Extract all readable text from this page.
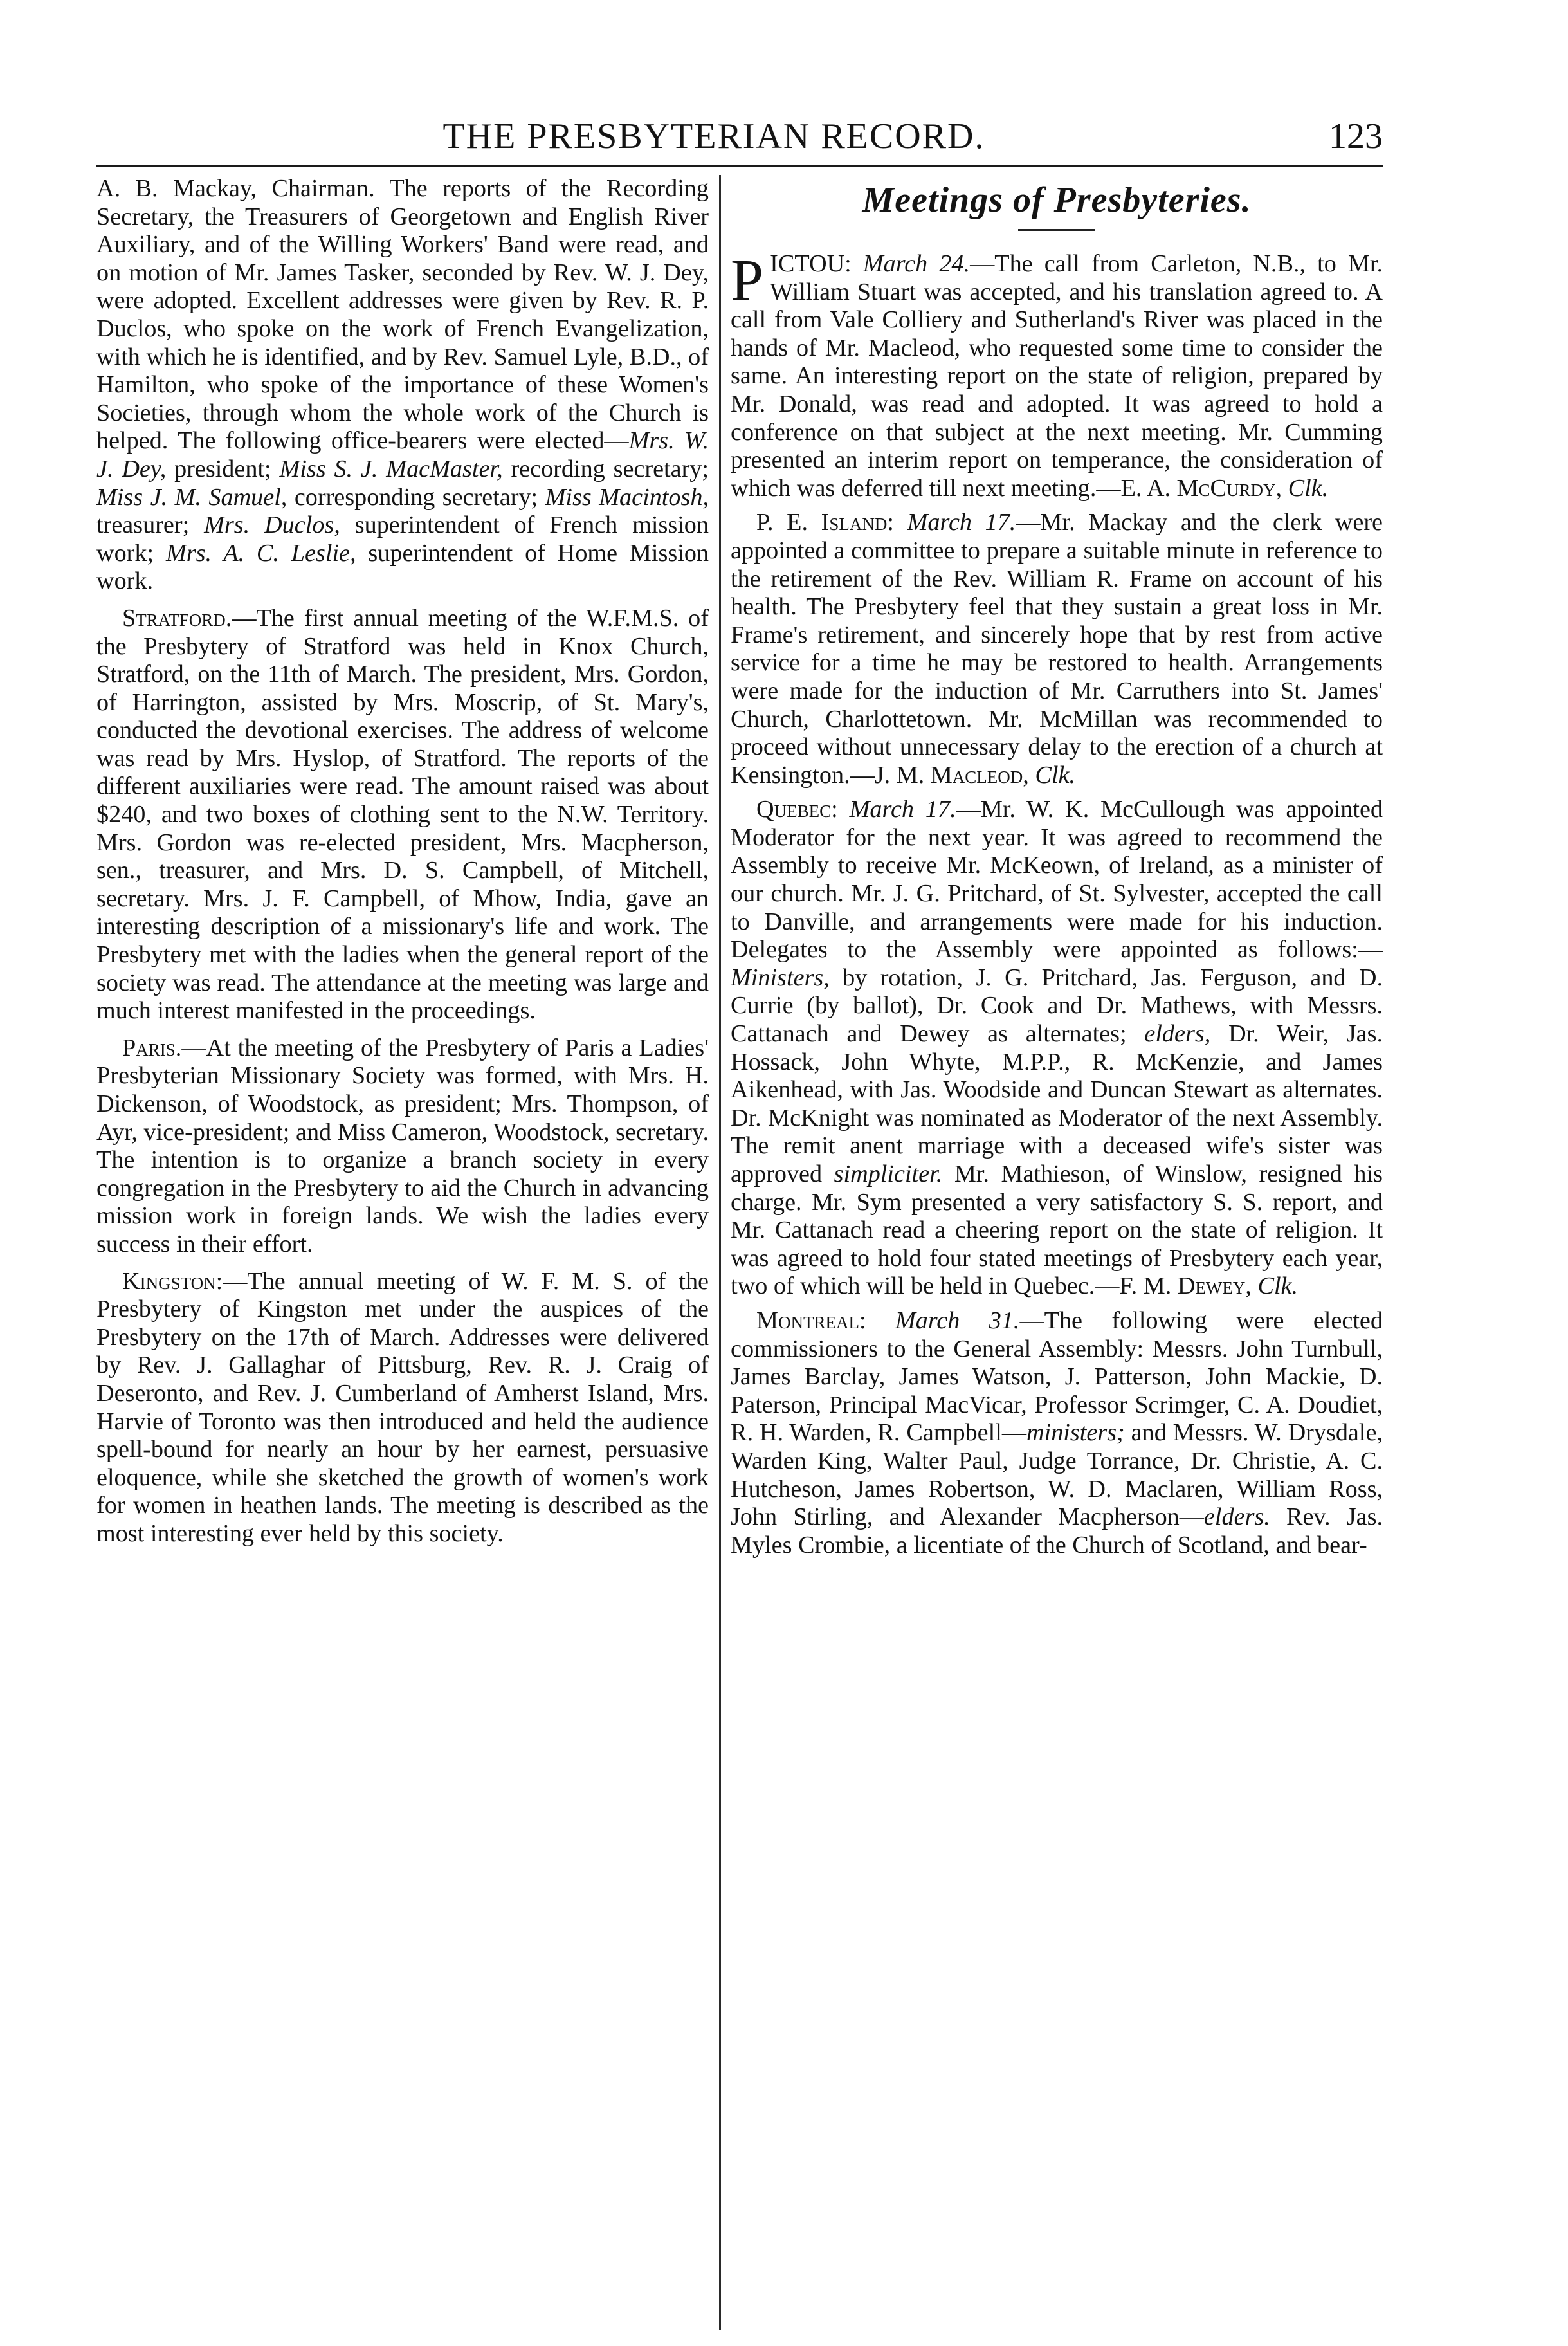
THE PRESBYTERIAN RECORD.	123

A. B. Mackay, Chairman. The reports of the Recording Secretary, the Treasurers of Georgetown and English River Auxiliary, and of the Willing Workers' Band were read, and on motion of Mr. James Tasker, seconded by Rev. W. J. Dey, were adopted. Excellent addresses were given by Rev. R. P. Duclos, who spoke on the work of French Evangelization, with which he is identified, and by Rev. Samuel Lyle, B.D., of Hamilton, who spoke of the importance of these Women's Societies, through whom the whole work of the Church is helped. The following office-bearers were elected—Mrs. W. J. Dey, president; Miss S. J. MacMaster, recording secretary; Miss J. M. Samuel, corresponding secretary; Miss Macintosh, treasurer; Mrs. Duclos, superintendent of French mission work; Mrs. A. C. Leslie, superintendent of Home Mission work.

Stratford.—The first annual meeting of the W.F.M.S. of the Presbytery of Stratford was held in Knox Church, Stratford, on the 11th of March. The president, Mrs. Gordon, of Harrington, assisted by Mrs. Moscrip, of St. Mary's, conducted the devotional exercises. The address of welcome was read by Mrs. Hyslop, of Stratford. The reports of the different auxiliaries were read. The amount raised was about $240, and two boxes of clothing sent to the N.W. Territory. Mrs. Gordon was re-elected president, Mrs. Macpherson, sen., treasurer, and Mrs. D. S. Campbell, of Mitchell, secretary. Mrs. J. F. Campbell, of Mhow, India, gave an interesting description of a missionary's life and work. The Presbytery met with the ladies when the general report of the society was read. The attendance at the meeting was large and much interest manifested in the proceedings.

Paris.—At the meeting of the Presbytery of Paris a Ladies' Presbyterian Missionary Society was formed, with Mrs. H. Dickenson, of Woodstock, as president; Mrs. Thompson, of Ayr, vice-president; and Miss Cameron, Woodstock, secretary. The intention is to organize a branch society in every congregation in the Presbytery to aid the Church in advancing mission work in foreign lands. We wish the ladies every success in their effort.

Kingston:—The annual meeting of W. F. M. S. of the Presbytery of Kingston met under the auspices of the Presbytery on the 17th of March. Addresses were delivered by Rev. J. Gallaghar of Pittsburg, Rev. R. J. Craig of Deseronto, and Rev. J. Cumberland of Amherst Island, Mrs. Harvie of Toronto was then introduced and held the audience spell-bound for nearly an hour by her earnest, persuasive eloquence, while she sketched the growth of women's work for women in heathen lands. The meeting is described as the most interesting ever held by this society.

Meetings of Presbyteries.

PICTOU: March 24.—The call from Carleton, N.B., to Mr. William Stuart was accepted, and his translation agreed to. A call from Vale Colliery and Sutherland's River was placed in the hands of Mr. Macleod, who requested some time to consider the same. An interesting report on the state of religion, prepared by Mr. Donald, was read and adopted. It was agreed to hold a conference on that subject at the next meeting. Mr. Cumming presented an interim report on temperance, the consideration of which was deferred till next meeting.—E. A. McCurdy, Clk.

P. E. Island: March 17.—Mr. Mackay and the clerk were appointed a committee to prepare a suitable minute in reference to the retirement of the Rev. William R. Frame on account of his health. The Presbytery feel that they sustain a great loss in Mr. Frame's retirement, and sincerely hope that by rest from active service for a time he may be restored to health. Arrangements were made for the induction of Mr. Carruthers into St. James' Church, Charlottetown. Mr. McMillan was recommended to proceed without unnecessary delay to the erection of a church at Kensington.—J. M. Macleod, Clk.

Quebec: March 17.—Mr. W. K. McCullough was appointed Moderator for the next year. It was agreed to recommend the Assembly to receive Mr. McKeown, of Ireland, as a minister of our church. Mr. J. G. Pritchard, of St. Sylvester, accepted the call to Danville, and arrangements were made for his induction. Delegates to the Assembly were appointed as follows:—Ministers, by rotation, J. G. Pritchard, Jas. Ferguson, and D. Currie (by ballot), Dr. Cook and Dr. Mathews, with Messrs. Cattanach and Dewey as alternates; elders, Dr. Weir, Jas. Hossack, John Whyte, M.P.P., R. McKenzie, and James Aikenhead, with Jas. Woodside and Duncan Stewart as alternates. Dr. McKnight was nominated as Moderator of the next Assembly. The remit anent marriage with a deceased wife's sister was approved simpliciter. Mr. Mathieson, of Winslow, resigned his charge. Mr. Sym presented a very satisfactory S. S. report, and Mr. Cattanach read a cheering report on the state of religion. It was agreed to hold four stated meetings of Presbytery each year, two of which will be held in Quebec.—F. M. Dewey, Clk.

Montreal: March 31.—The following were elected commissioners to the General Assembly: Messrs. John Turnbull, James Barclay, James Watson, J. Patterson, John Mackie, D. Paterson, Principal MacVicar, Professor Scrimger, C. A. Doudiet, R. H. Warden, R. Campbell—ministers; and Messrs. W. Drysdale, Warden King, Walter Paul, Judge Torrance, Dr. Christie, A. C. Hutcheson, James Robertson, W. D. Maclaren, William Ross, John Stirling, and Alexander Macpherson—elders. Rev. Jas. Myles Crombie, a licentiate of the Church of Scotland, and bear-
